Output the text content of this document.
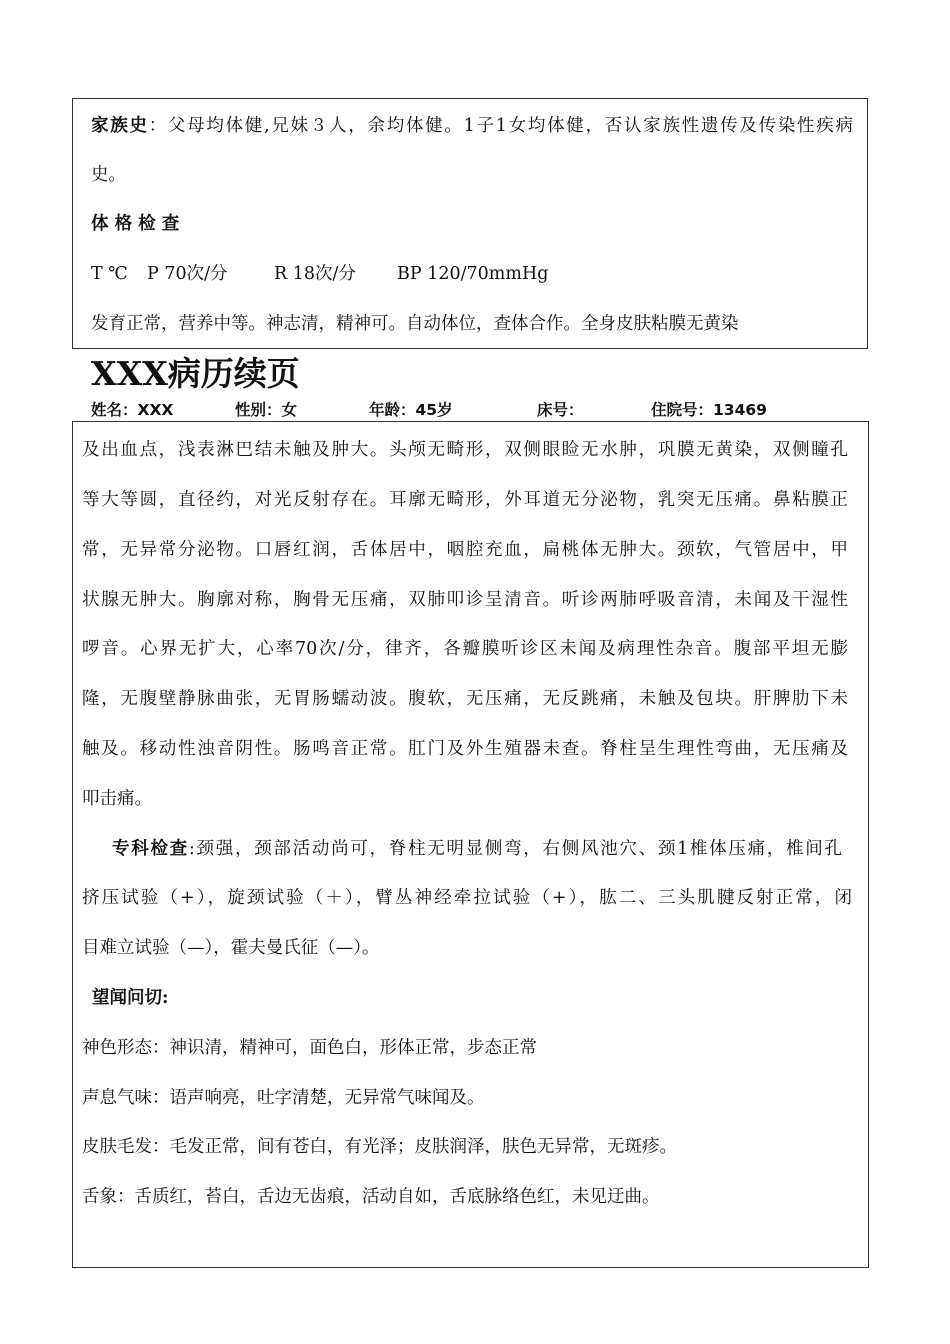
家族史：父母均体健,兄妹３人，余均体健。1子1女均体健，否认家族性遗传及传染性疾病
史。
体 格 检 查
T ℃ P 70次/分	R 18次/分 BP 120/70mmHg
发育正常，营养中等。神志清，精神可。自动体位，查体合作。全身皮肤粘膜无黄染
XXX病历续页
姓名：XXX	性别：女	年龄：45岁	床号：	住院号：13469
及出血点，浅表淋巴结未触及肿大。头颅无畸形，双侧眼睑无水肿，巩膜无黄染，双侧瞳孔
等大等圆，直径约，对光反射存在。耳廓无畸形，外耳道无分泌物，乳突无压痛。鼻粘膜正
常，无异常分泌物。口唇红润，舌体居中，咽腔充血，扁桃体无肿大。颈软，气管居中，甲
状腺无肿大。胸廓对称，胸骨无压痛，双肺叩诊呈清音。听诊两肺呼吸音清，未闻及干湿性
啰音。心界无扩大，心率70次/分，律齐，各瓣膜听诊区未闻及病理性杂音。腹部平坦无膨
隆，无腹壁静脉曲张，无胃肠蠕动波。腹软，无压痛，无反跳痛，未触及包块。肝脾肋下未
触及。移动性浊音阴性。肠鸣音正常。肛门及外生殖器未查。脊柱呈生理性弯曲，无压痛及
叩击痛。
专科检查:颈强，颈部活动尚可，脊柱无明显侧弯，右侧风池穴、颈1椎体压痛，椎间孔
挤压试验（+），旋颈试验（＋），臂丛神经牵拉试验（+），肱二、三头肌腱反射正常，闭
目难立试验（—），霍夫曼氏征（—）。
望闻问切:
神色形态：神识清，精神可，面色白，形体正常，步态正常
声息气味：语声响亮，吐字清楚，无异常气味闻及。
皮肤毛发：毛发正常，间有苍白，有光泽；皮肤润泽，肤色无异常，无斑疹。
舌象：舌质红，苔白，舌边无齿痕，活动自如，舌底脉络色红，未见迂曲。
